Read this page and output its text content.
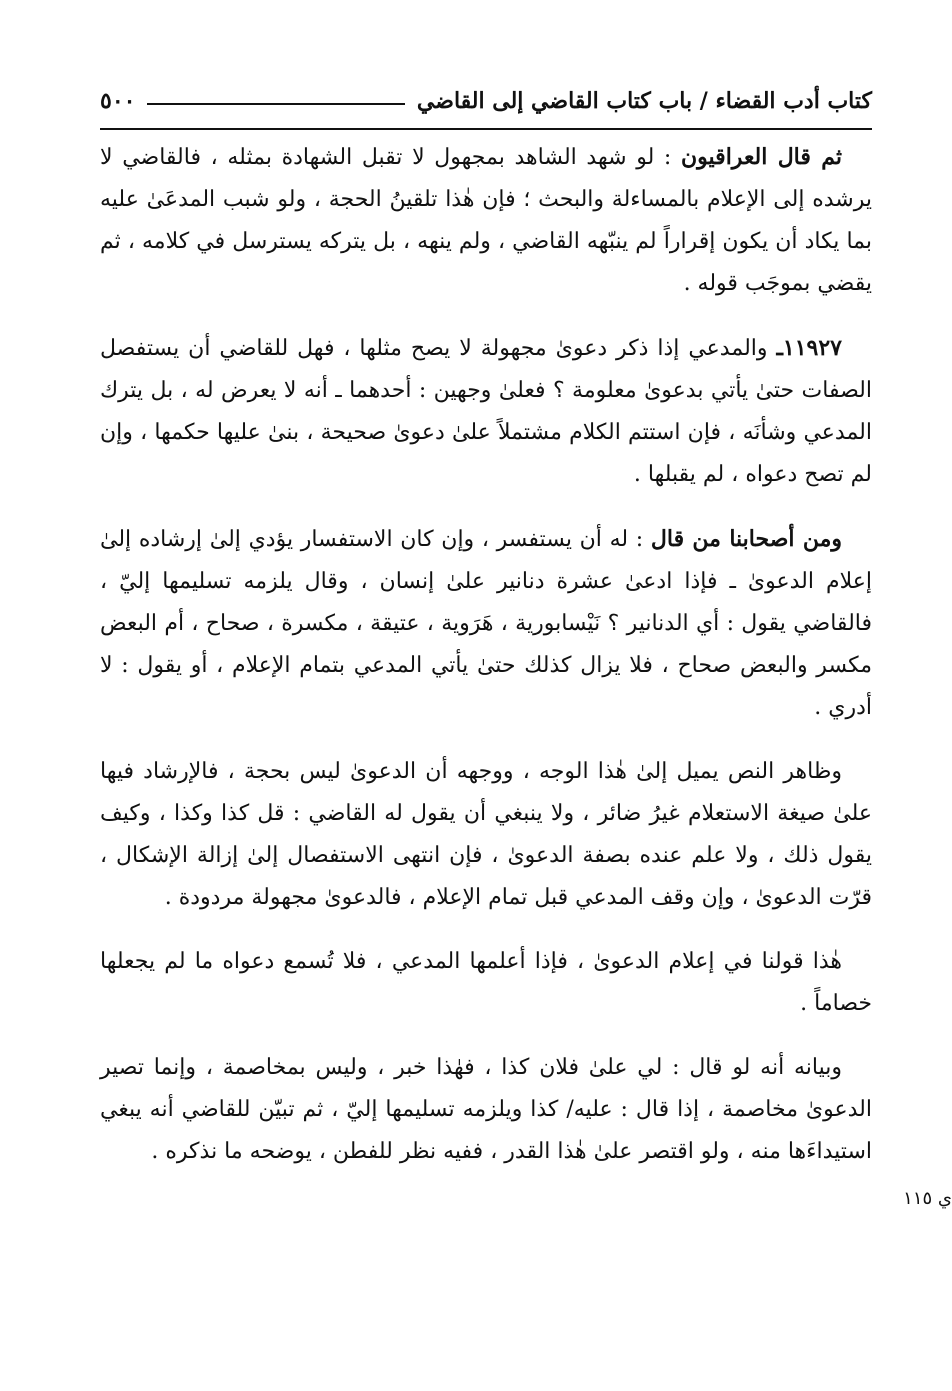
كتاب أدب القضاء / باب كتاب القاضي إلى القاضي
٥٠٠

ثم قال العراقيون : لو شهد الشاهد بمجهول لا تقبل الشهادة بمثله ، فالقاضي لا يرشده إلى الإعلام بالمساءلة والبحث ؛ فإن هٰذا تلقينُ الحجة ، ولو شبب المدعَىٰ عليه بما يكاد أن يكون إقراراً لم ينبّهه القاضي ، ولم ينهه ، بل يتركه يسترسل في كلامه ، ثم يقضي بموجَب قوله .

١١٩٢٧ـ والمدعي إذا ذكر دعوىٰ مجهولة لا يصح مثلها ، فهل للقاضي أن يستفصل الصفات حتىٰ يأتي بدعوىٰ معلومة ؟ فعلىٰ وجهين : أحدهما ـ أنه لا يعرض له ، بل يترك المدعي وشأنَه ، فإن استتم الكلام مشتملاً علىٰ دعوىٰ صحيحة ، بنىٰ عليها حكمها ، وإن لم تصح دعواه ، لم يقبلها .

ومن أصحابنا من قال : له أن يستفسر ، وإن كان الاستفسار يؤدي إلىٰ إرشاده إلىٰ إعلام الدعوىٰ ـ فإذا ادعىٰ عشرة دنانير علىٰ إنسان ، وقال يلزمه تسليمها إليّ ، فالقاضي يقول : أي الدنانير ؟ نَيْسابورية ، هَرَوية ، عتيقة ، مكسرة ، صحاح ، أم البعض مكسر والبعض صحاح ، فلا يزال كذلك حتىٰ يأتي المدعي بتمام الإعلام ، أو يقول : لا أدري .

وظاهر النص يميل إلىٰ هٰذا الوجه ، ووجهه أن الدعوىٰ ليس بحجة ، فالإرشاد فيها علىٰ صيغة الاستعلام غيرُ ضائر ، ولا ينبغي أن يقول له القاضي : قل كذا وكذا ، وكيف يقول ذلك ، ولا علم عنده بصفة الدعوىٰ ، فإن انتهى الاستفصال إلىٰ إزالة الإشكال ، قرّت الدعوىٰ ، وإن وقف المدعي قبل تمام الإعلام ، فالدعوىٰ مجهولة مردودة .

هٰذا قولنا في إعلام الدعوىٰ ، فإذا أعلمها المدعي ، فلا تُسمع دعواه ما لم يجعلها خصاماً .

وبيانه أنه لو قال : لي علىٰ فلان كذا ، فهٰذا خبر ، وليس بمخاصمة ، وإنما تصير الدعوىٰ مخاصمة ، إذا قال : عليه/ كذا ويلزمه تسليمها إليّ ، ثم تبيّن للقاضي أنه يبغي استيداءَها منه ، ولو اقتصر علىٰ هٰذا القدر ، ففيه نظر للفطن ، يوضحه ما نذكره .

ي ١١٥
